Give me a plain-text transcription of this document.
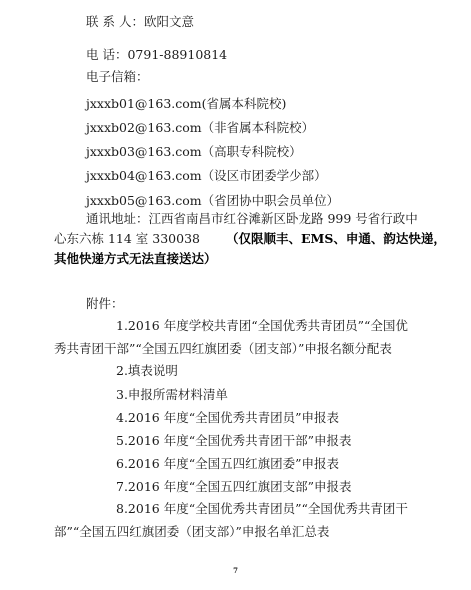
联 系 人：欧阳文意
电 话：0791-88910814
电子信箱：
jxxxb01@163.com(省属本科院校)
jxxxb02@163.com（非省属本科院校）
jxxxb03@163.com（高职专科院校）
jxxxb04@163.com（设区市团委学少部）
jxxxb05@163.com（省团协中职会员单位）
通讯地址：江西省南昌市红谷滩新区卧龙路 999 号省行政中
心东六栋 114 室 330038 （仅限顺丰、EMS、申通、韵达快递，
其他快递方式无法直接送达）
附件：
1.2016 年度学校共青团“全国优秀共青团员”“全国优
秀共青团干部”“全国五四红旗团委（团支部）”申报名额分配表
2.填表说明
3.申报所需材料清单
4.2016 年度“全国优秀共青团员”申报表
5.2016 年度“全国优秀共青团干部”申报表
6.2016 年度“全国五四红旗团委”申报表
7.2016 年度“全国五四红旗团支部”申报表
8.2016 年度“全国优秀共青团员”“全国优秀共青团干
部”“全国五四红旗团委（团支部）”申报名单汇总表
7
